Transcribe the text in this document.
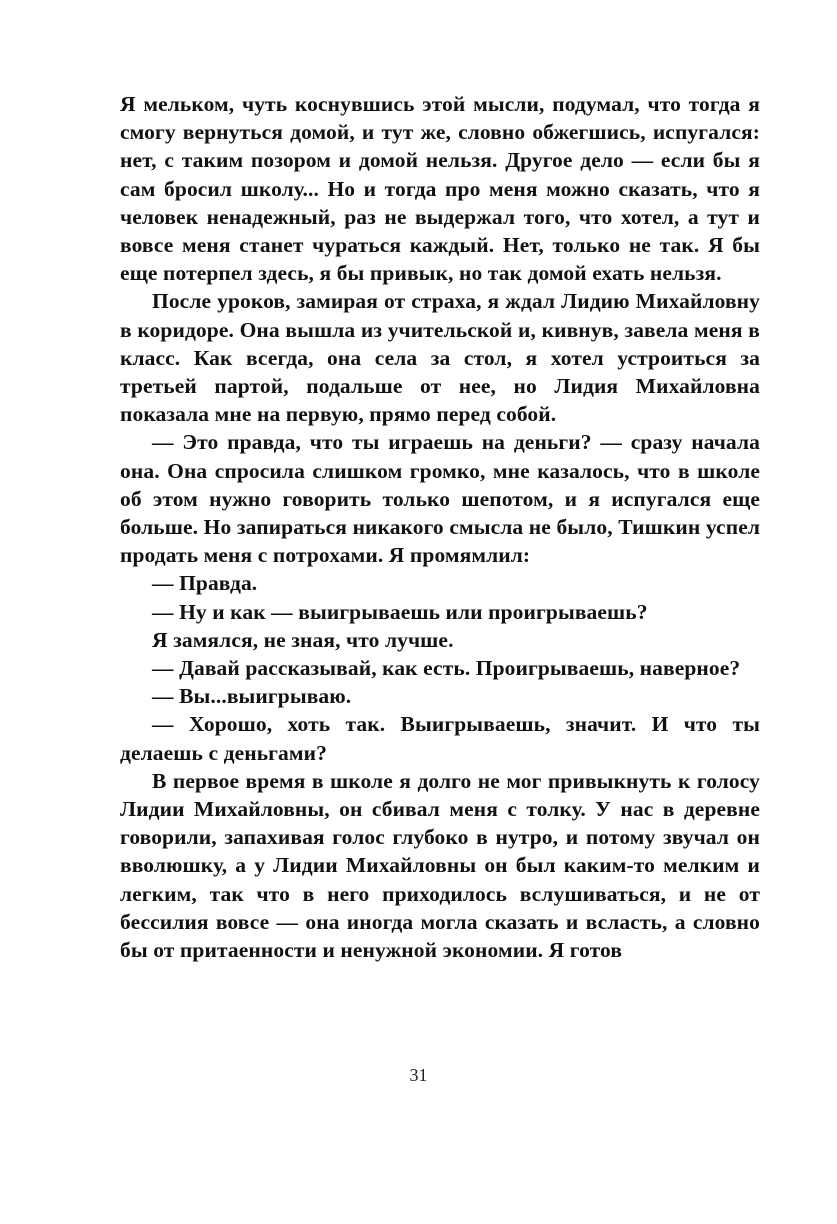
Я мельком, чуть коснувшись этой мысли, подумал, что тогда я смогу вернуться домой, и тут же, словно обжегшись, испугался: нет, с таким позором и домой нельзя. Другое дело — если бы я сам бросил школу... Но и тогда про меня можно сказать, что я человек ненадежный, раз не выдержал того, что хотел, а тут и вовсе меня станет чураться каждый. Нет, только не так. Я бы еще потерпел здесь, я бы привык, но так домой ехать нельзя.

После уроков, замирая от страха, я ждал Лидию Михайловну в коридоре. Она вышла из учительской и, кивнув, завела меня в класс. Как всегда, она села за стол, я хотел устроиться за третьей партой, подальше от нее, но Лидия Михайловна показала мне на первую, прямо перед собой.

— Это правда, что ты играешь на деньги? — сразу начала она. Она спросила слишком громко, мне казалось, что в школе об этом нужно говорить только шепотом, и я испугался еще больше. Но запираться никакого смысла не было, Тишкин успел продать меня с потрохами. Я промямлил:

— Правда.

— Ну и как — выигрываешь или проигрываешь?

Я замялся, не зная, что лучше.

— Давай рассказывай, как есть. Проигрываешь, наверное?

— Вы...выигрываю.

— Хорошо, хоть так. Выигрываешь, значит. И что ты делаешь с деньгами?

В первое время в школе я долго не мог привыкнуть к голосу Лидии Михайловны, он сбивал меня с толку. У нас в деревне говорили, запахивая голос глубоко в нутро, и потому звучал он вволюшку, а у Лидии Михайловны он был каким-то мелким и легким, так что в него приходилось вслушиваться, и не от бессилия вовсе — она иногда могла сказать и всласть, а словно бы от притаенности и ненужной экономии. Я готов

31
